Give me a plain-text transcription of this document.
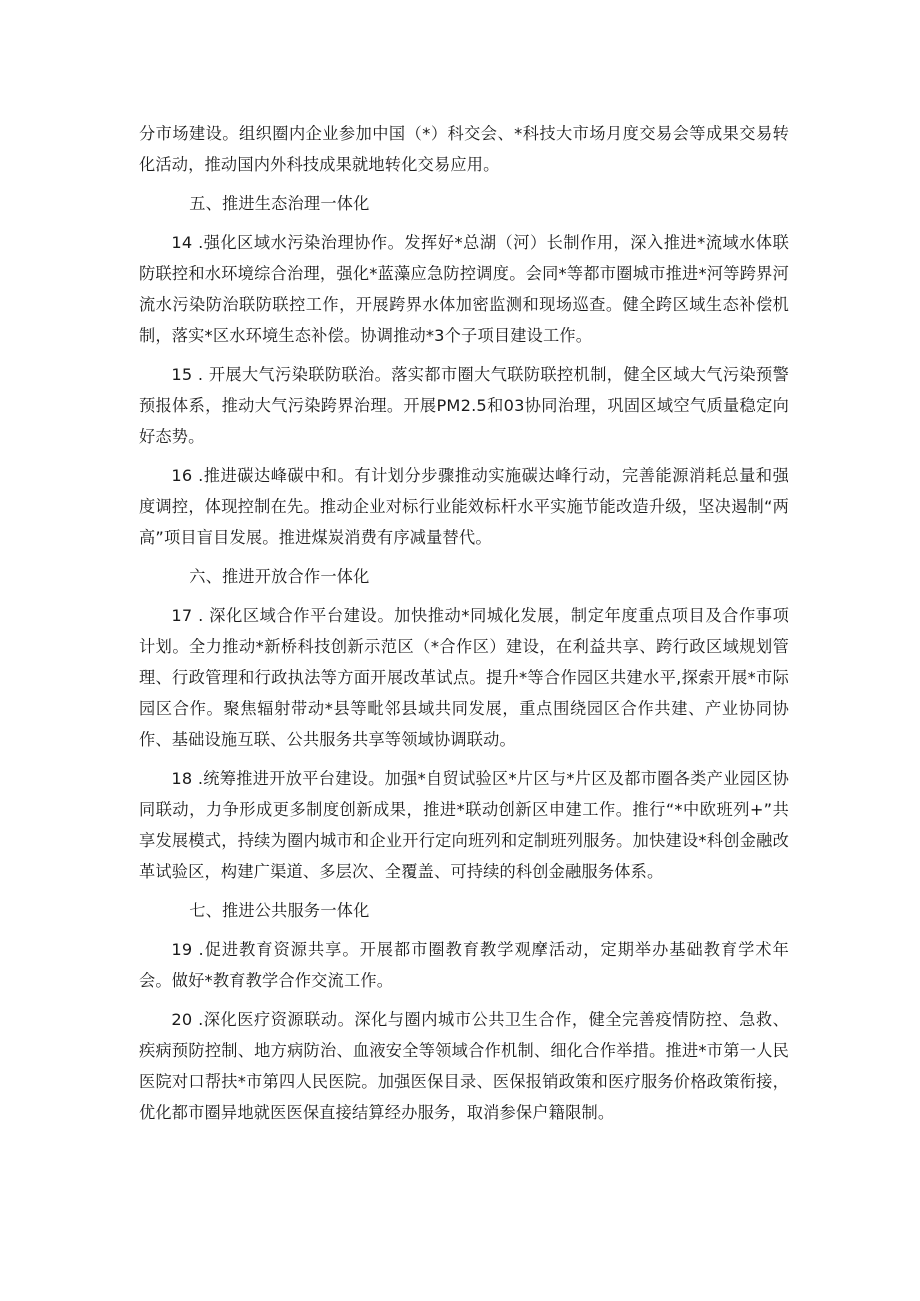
分市场建设。组织圈内企业参加中国（*）科交会、*科技大市场月度交易会等成果交易转化活动，推动国内外科技成果就地转化交易应用。

五、推进生态治理一体化

14 .强化区域水污染治理协作。发挥好*总湖（河）长制作用，深入推进*流域水体联防联控和水环境综合治理，强化*蓝藻应急防控调度。会同*等都市圈城市推进*河等跨界河流水污染防治联防联控工作，开展跨界水体加密监测和现场巡查。健全跨区域生态补偿机制，落实*区水环境生态补偿。协调推动*3个子项目建设工作。

15 . 开展大气污染联防联治。落实都市圈大气联防联控机制，健全区域大气污染预警预报体系，推动大气污染跨界治理。开展PM2.5和03协同治理，巩固区域空气质量稳定向好态势。

16 .推进碳达峰碳中和。有计划分步骤推动实施碳达峰行动，完善能源消耗总量和强度调控，体现控制在先。推动企业对标行业能效标杆水平实施节能改造升级，坚决遏制“两高”项目盲目发展。推进煤炭消费有序减量替代。

六、推进开放合作一体化

17 . 深化区域合作平台建设。加快推动*同城化发展，制定年度重点项目及合作事项计划。全力推动*新桥科技创新示范区（*合作区）建设，在利益共享、跨行政区域规划管理、行政管理和行政执法等方面开展改革试点。提升*等合作园区共建水平,探索开展*市际园区合作。聚焦辐射带动*县等毗邻县域共同发展，重点围绕园区合作共建、产业协同协作、基础设施互联、公共服务共享等领域协调联动。

18 .统筹推进开放平台建设。加强*自贸试验区*片区与*片区及都市圈各类产业园区协同联动，力争形成更多制度创新成果，推进*联动创新区申建工作。推行“*中欧班列+”共享发展模式，持续为圈内城市和企业开行定向班列和定制班列服务。加快建设*科创金融改革试验区，构建广渠道、多层次、全覆盖、可持续的科创金融服务体系。

七、推进公共服务一体化

19 .促进教育资源共享。开展都市圈教育教学观摩活动，定期举办基础教育学术年会。做好*教育教学合作交流工作。

20 .深化医疗资源联动。深化与圈内城市公共卫生合作，健全完善疫情防控、急救、疾病预防控制、地方病防治、血液安全等领域合作机制、细化合作举措。推进*市第一人民医院对口帮扶*市第四人民医院。加强医保目录、医保报销政策和医疗服务价格政策衔接，优化都市圈异地就医医保直接结算经办服务，取消参保户籍限制。
